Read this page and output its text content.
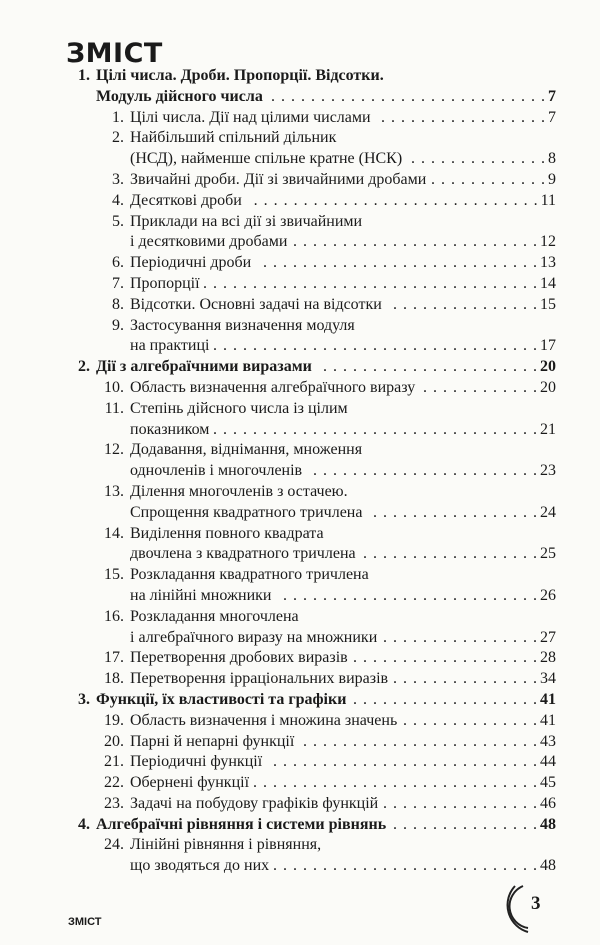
ЗМІСТ
1. Цілі числа. Дроби. Пропорції. Відсотки.
Модуль дійсного числа . . . . . . . . . . . . . . . . . . . . . . . . . . . . 7
1. Цілі числа. Дії над цілими числами . . . . . . . . . . . . . . . . . 7
2. Найбільший спільний дільник
(НСД), найменше спільне кратне (НСК) . . . . . . . . . . . . . . 8
3. Звичайні дроби. Дії зі звичайними дробами . . . . . . . . . . . . 9
4. Десяткові дроби . . . . . . . . . . . . . . . . . . . . . . . . . . . . . 11
5. Приклади на всі дії зі звичайними
і десятковими дробами . . . . . . . . . . . . . . . . . . . . . . . . . 12
6. Періодичні дроби . . . . . . . . . . . . . . . . . . . . . . . . . . . . 13
7. Пропорції . . . . . . . . . . . . . . . . . . . . . . . . . . . . . . . . . . 14
8. Відсотки. Основні задачі на відсотки . . . . . . . . . . . . . . . 15
9. Застосування визначення модуля
на практиці . . . . . . . . . . . . . . . . . . . . . . . . . . . . . . . . . 17
2. Дії з алгебраїчними виразами . . . . . . . . . . . . . . . . . . . . . . 20
10. Область визначення алгебраїчного виразу . . . . . . . . . . . . 20
11. Степінь дійсного числа із цілим
показником . . . . . . . . . . . . . . . . . . . . . . . . . . . . . . . . . 21
12. Додавання, віднімання, множення
одночленів і многочленів . . . . . . . . . . . . . . . . . . . . . . . 23
13. Ділення многочленів з остачею.
Спрощення квадратного тричлена . . . . . . . . . . . . . . . . . 24
14. Виділення повного квадрата
двочлена з квадратного тричлена . . . . . . . . . . . . . . . . . . 25
15. Розкладання квадратного тричлена
на лінійні множники . . . . . . . . . . . . . . . . . . . . . . . . . . 26
16. Розкладання многочлена
і алгебраїчного виразу на множники . . . . . . . . . . . . . . . . 27
17. Перетворення дробових виразів . . . . . . . . . . . . . . . . . . . 28
18. Перетворення ірраціональних виразів . . . . . . . . . . . . . . . 34
3. Функції, їх властивості та графіки . . . . . . . . . . . . . . . . . . . 41
19. Область визначення і множина значень . . . . . . . . . . . . . . 41
20. Парні й непарні функції . . . . . . . . . . . . . . . . . . . . . . . . 43
21. Періодичні функції . . . . . . . . . . . . . . . . . . . . . . . . . . . 44
22. Обернені функції . . . . . . . . . . . . . . . . . . . . . . . . . . . . . 45
23. Задачі на побудову графіків функцій . . . . . . . . . . . . . . . . 46
4. Алгебраїчні рівняння і системи рівнянь . . . . . . . . . . . . . . . 48
24. Лінійні рівняння і рівняння,
що зводяться до них . . . . . . . . . . . . . . . . . . . . . . . . . . . 48
ЗМІСТ
3
